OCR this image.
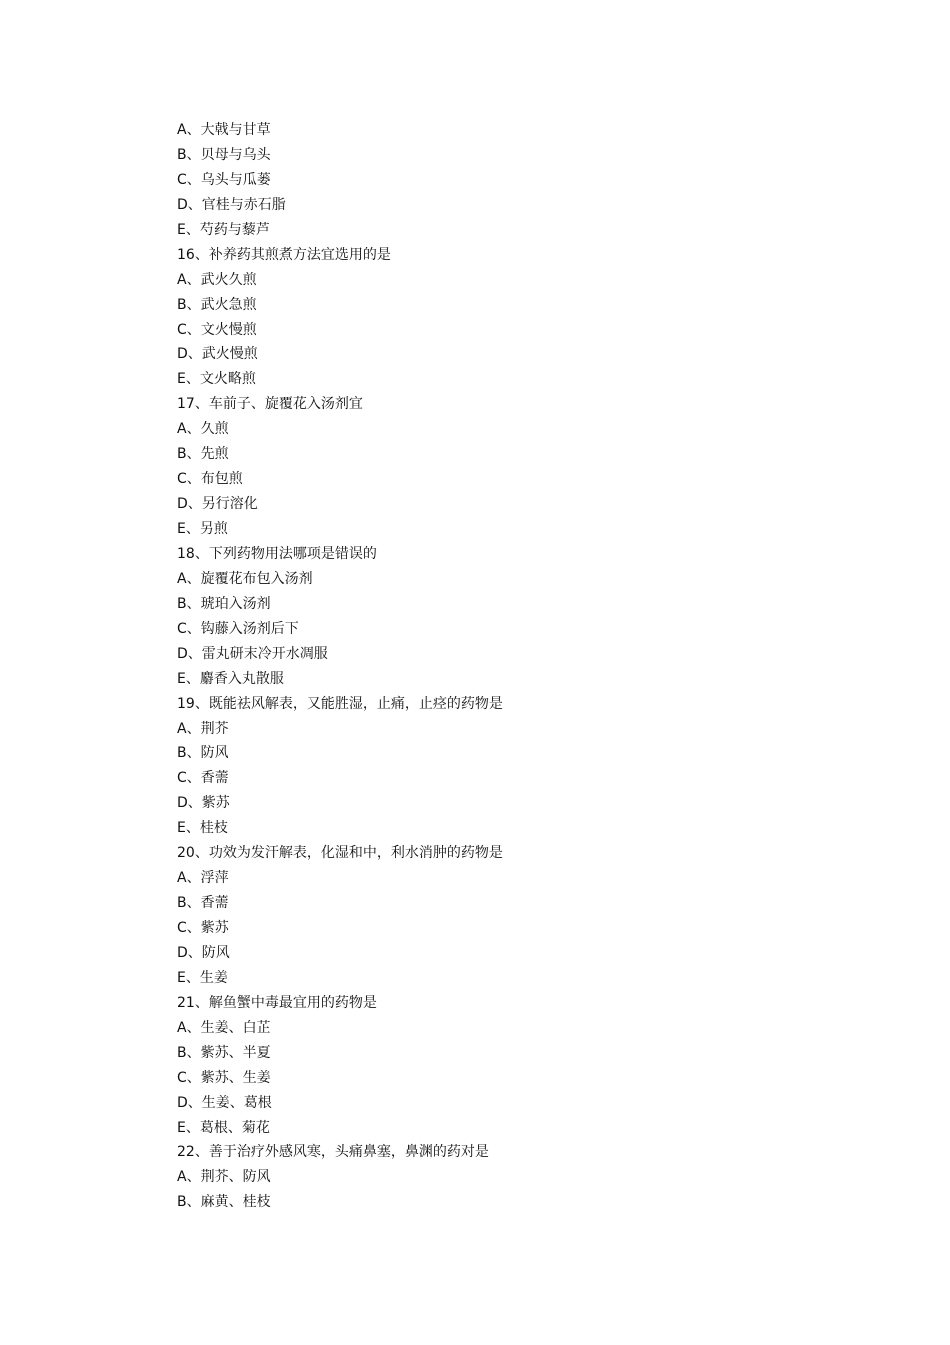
A、大戟与甘草
B、贝母与乌头
C、乌头与瓜蒌
D、官桂与赤石脂
E、芍药与藜芦
16、补养药其煎煮方法宜选用的是
A、武火久煎
B、武火急煎
C、文火慢煎
D、武火慢煎
E、文火略煎
17、车前子、旋覆花入汤剂宜
A、久煎
B、先煎
C、布包煎
D、另行溶化
E、另煎
18、下列药物用法哪项是错误的
A、旋覆花布包入汤剂
B、琥珀入汤剂
C、钩藤入汤剂后下
D、雷丸研末冷开水凋服
E、麝香入丸散服
19、既能祛风解表，又能胜湿，止痛，止痉的药物是
A、荆芥
B、防风
C、香薷
D、紫苏
E、桂枝
20、功效为发汗解表，化湿和中，利水消肿的药物是
A、浮萍
B、香薷
C、紫苏
D、防风
E、生姜
21、解鱼蟹中毒最宜用的药物是
A、生姜、白芷
B、紫苏、半夏
C、紫苏、生姜
D、生姜、葛根
E、葛根、菊花
22、善于治疗外感风寒，头痛鼻塞，鼻渊的药对是
A、荆芥、防风
B、麻黄、桂枝
